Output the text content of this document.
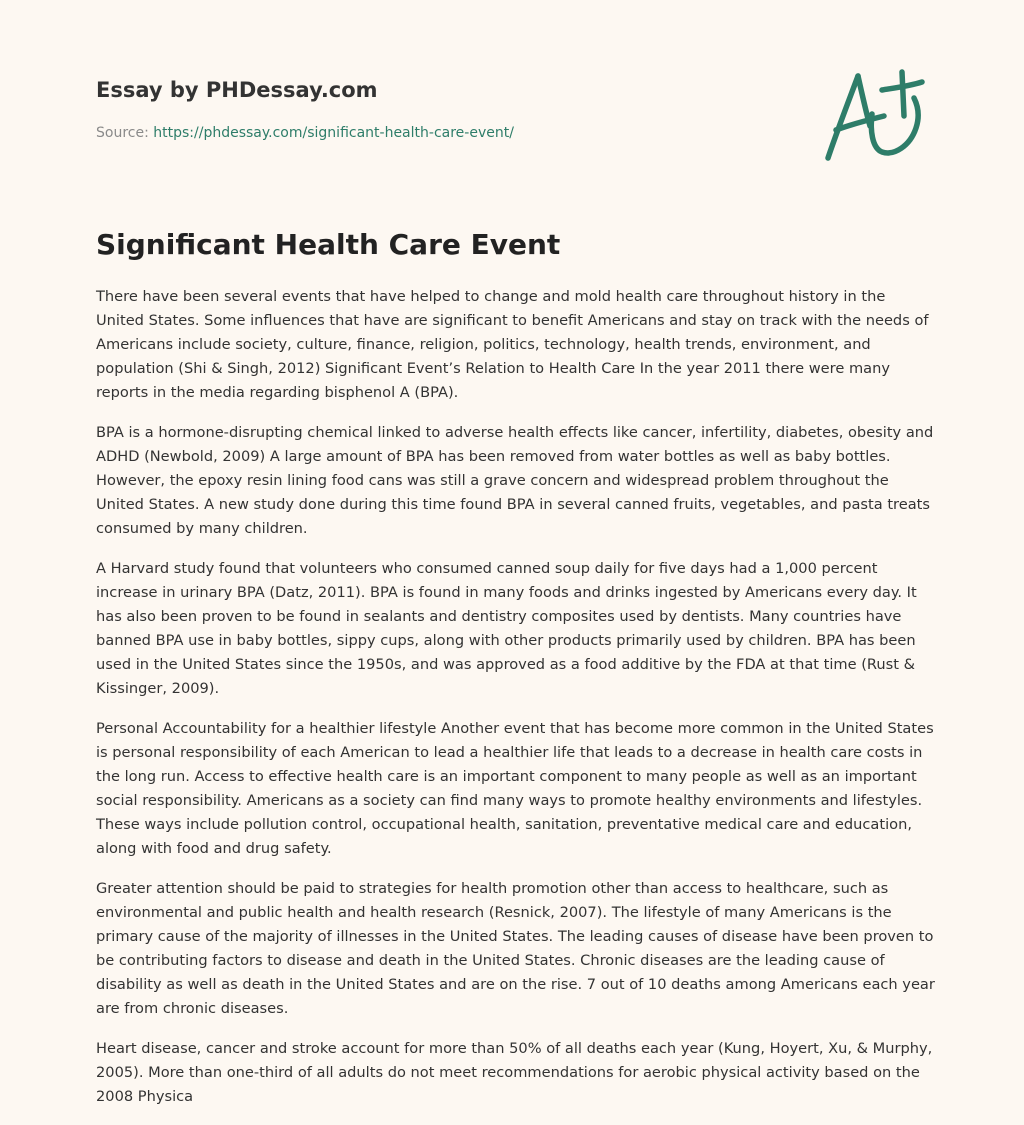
Essay by PHDessay.com
Source: https://phdessay.com/significant-health-care-event/
Significant Health Care Event

There have been several events that have helped to change and mold health care throughout history in the United States. Some influences that have are significant to benefit Americans and stay on track with the needs of Americans include society, culture, finance, religion, politics, technology, health trends, environment, and population (Shi & Singh, 2012) Significant Event’s Relation to Health Care In the year 2011 there were many reports in the media regarding bisphenol A (BPA).

BPA is a hormone-disrupting chemical linked to adverse health effects like cancer, infertility, diabetes, obesity and ADHD (Newbold, 2009) A large amount of BPA has been removed from water bottles as well as baby bottles. However, the epoxy resin lining food cans was still a grave concern and widespread problem throughout the United States. A new study done during this time found BPA in several canned fruits, vegetables, and pasta treats consumed by many children.

A Harvard study found that volunteers who consumed canned soup daily for five days had a 1,000 percent increase in urinary BPA (Datz, 2011). BPA is found in many foods and drinks ingested by Americans every day. It has also been proven to be found in sealants and dentistry composites used by dentists. Many countries have banned BPA use in baby bottles, sippy cups, along with other products primarily used by children. BPA has been used in the United States since the 1950s, and was approved as a food additive by the FDA at that time (Rust & Kissinger, 2009).

Personal Accountability for a healthier lifestyle Another event that has become more common in the United States is personal responsibility of each American to lead a healthier life that leads to a decrease in health care costs in the long run. Access to effective health care is an important component to many people as well as an important social responsibility. Americans as a society can find many ways to promote healthy environments and lifestyles. These ways include pollution control, occupational health, sanitation, preventative medical care and education, along with food and drug safety.

Greater attention should be paid to strategies for health promotion other than access to healthcare, such as environmental and public health and health research (Resnick, 2007). The lifestyle of many Americans is the primary cause of the majority of illnesses in the United States. The leading causes of disease have been proven to be contributing factors to disease and death in the United States. Chronic diseases are the leading cause of disability as well as death in the United States and are on the rise. 7 out of 10 deaths among Americans each year are from chronic diseases.

Heart disease, cancer and stroke account for more than 50% of all deaths each year (Kung, Hoyert, Xu, & Murphy, 2005). More than one-third of all adults do not meet recommendations for aerobic physical activity based on the 2008 Physica
